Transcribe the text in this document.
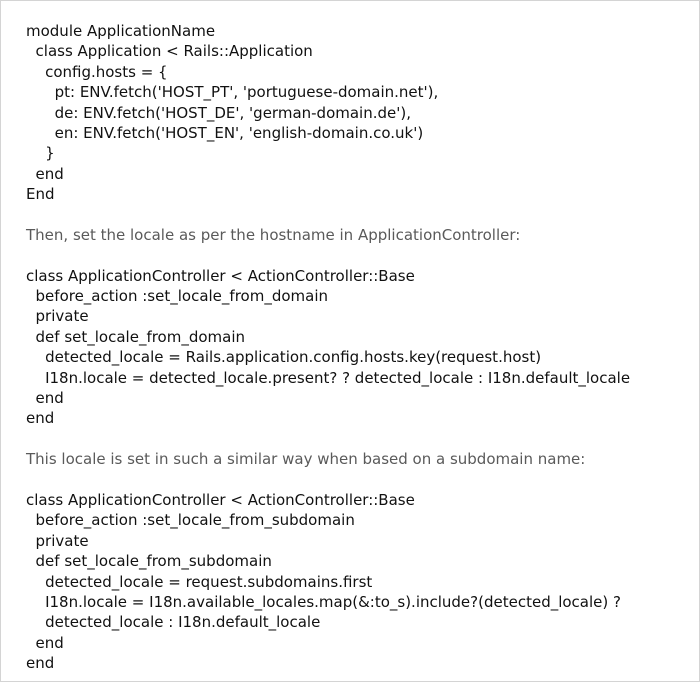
module ApplicationName
class Application < Rails::Application
config.hosts = {
pt: ENV.fetch('HOST_PT', 'portuguese-domain.net'),
de: ENV.fetch('HOST_DE', 'german-domain.de'),
en: ENV.fetch('HOST_EN', 'english-domain.co.uk')
}
end
End
Then, set the locale as per the hostname in ApplicationController:
class ApplicationController < ActionController::Base
before_action :set_locale_from_domain
private
def set_locale_from_domain
detected_locale = Rails.application.config.hosts.key(request.host)
I18n.locale = detected_locale.present? ? detected_locale : I18n.default_locale
end
end
This locale is set in such a similar way when based on a subdomain name:
class ApplicationController < ActionController::Base
before_action :set_locale_from_subdomain
private
def set_locale_from_subdomain
detected_locale = request.subdomains.first
I18n.locale = I18n.available_locales.map(&:to_s).include?(detected_locale) ?
detected_locale : I18n.default_locale
end
end
